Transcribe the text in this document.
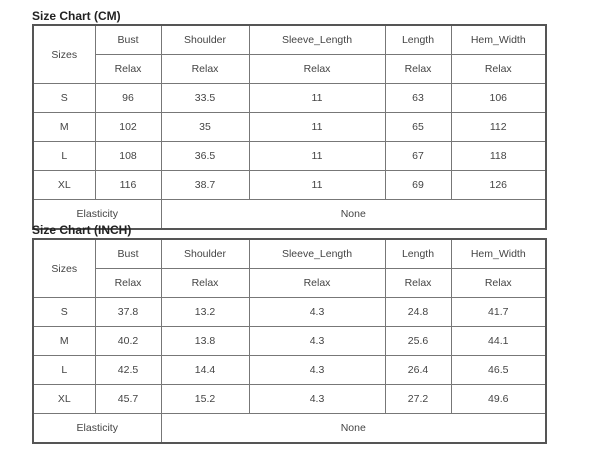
Size Chart (CM)
Sizes	Bust	Shoulder	Sleeve_Length	Length	Hem_Width
	Relax	Relax	Relax	Relax	Relax
S	96	33.5	11	63	106
M	102	35	11	65	112
L	108	36.5	11	67	118
XL	116	38.7	11	69	126
Elasticity		None			
Size Chart (INCH)
Sizes	Bust	Shoulder	Sleeve_Length	Length	Hem_Width
	Relax	Relax	Relax	Relax	Relax
S	37.8	13.2	4.3	24.8	41.7
M	40.2	13.8	4.3	25.6	44.1
L	42.5	14.4	4.3	26.4	46.5
XL	45.7	15.2	4.3	27.2	49.6
Elasticity		None			
